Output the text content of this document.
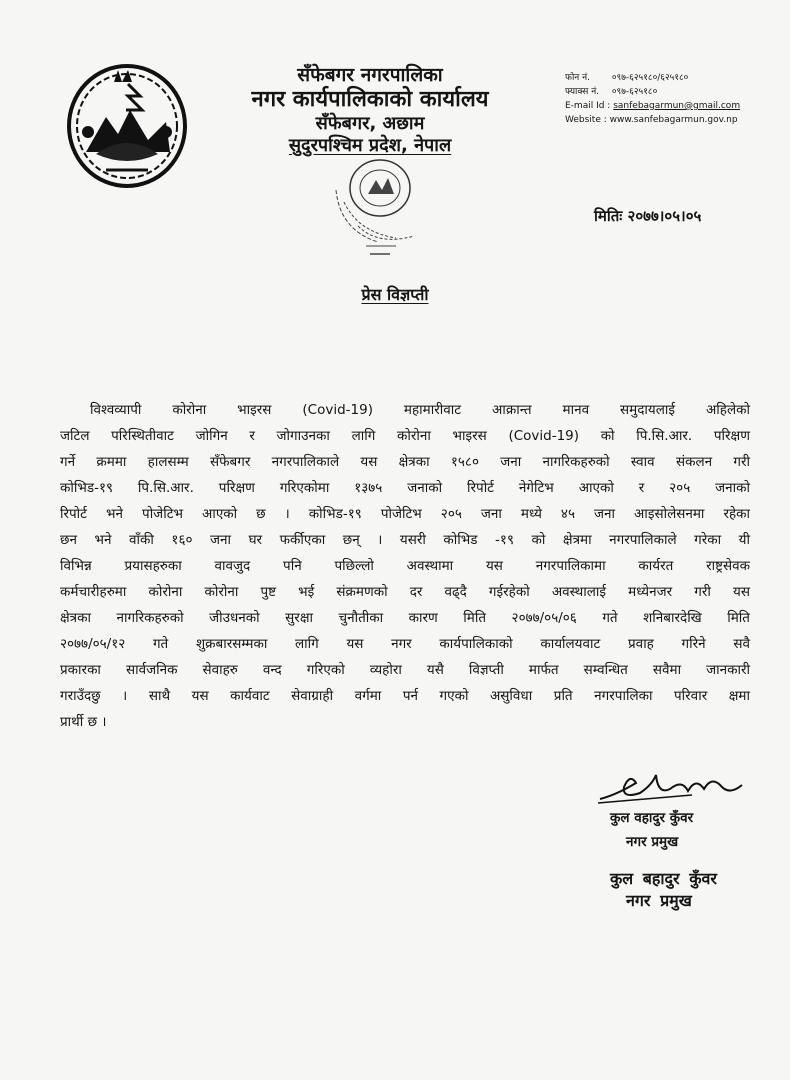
सँफेबगर नगरपालिका
नगर कार्यपालिकाको कार्यालय
सँफेबगर, अछाम
सुदुरपश्चिम प्रदेश, नेपाल
फोन नं. ०९७-६२५१८०/६२५१८०
फ्याक्स नं. ०९७-६२५१८०
E-mail Id : sanfebagarmun@gmail.com
Website : www.sanfebagarmun.gov.np
मितिः २०७७।०५।०५
प्रेस विज्ञप्ती
विश्वव्यापी कोरोना भाइरस (Covid-19) महामारीवाट आक्रान्त मानव समुदायलाई अहिलेको
जटिल परिस्थितीवाट जोगिन र जोगाउनका लागि कोरोना भाइरस (Covid-19) को पि.सि.आर. परिक्षण
गर्ने क्रममा हालसम्म सँफेबगर नगरपालिकाले यस क्षेत्रका १५८० जना नागरिकहरुको स्वाव संकलन गरी
कोभिड-१९ पि.सि.आर. परिक्षण गरिएकोमा १३७५ जनाको रिपोर्ट नेगेटिभ आएको र २०५ जनाको
रिपोर्ट भने पोजेटिभ आएको छ । कोभिड-१९ पोजेटिभ २०५ जना मध्ये ४५ जना आइसोलेसनमा रहेका
छन भने वाँकी १६० जना घर फर्कीएका छन् । यसरी कोभिड -१९ को क्षेत्रमा नगरपालिकाले गरेका यी
विभिन्न प्रयासहरुका वावजुद पनि पछिल्लो अवस्थामा यस नगरपालिकामा कार्यरत राष्ट्रसेवक
कर्मचारीहरुमा कोरोना कोरोना पुष्ट भई संक्रमणको दर वढ्दै गईरहेको अवस्थालाई मध्येनजर गरी यस
क्षेत्रका नागरिकहरुको जीउधनको सुरक्षा चुनौतीका कारण मिति २०७७/०५/०६ गते शनिबारदेखि मिति
२०७७/०५/१२ गते शुक्रबारसम्मका लागि यस नगर कार्यपालिकाको कार्यालयवाट प्रवाह गरिने सवै
प्रकारका सार्वजनिक सेवाहरु वन्द गरिएको व्यहोरा यसै विज्ञप्ती मार्फत सम्वन्धित सवैमा जानकारी
गराउँदछु । साथै यस कार्यवाट सेवाग्राही वर्गमा पर्न गएको असुविधा प्रति नगरपालिका परिवार क्षमा
प्रार्थी छ ।
कुल वहादुर कुँवर
नगर प्रमुख
कुल बहादुर कुँवर
नगर प्रमुख
